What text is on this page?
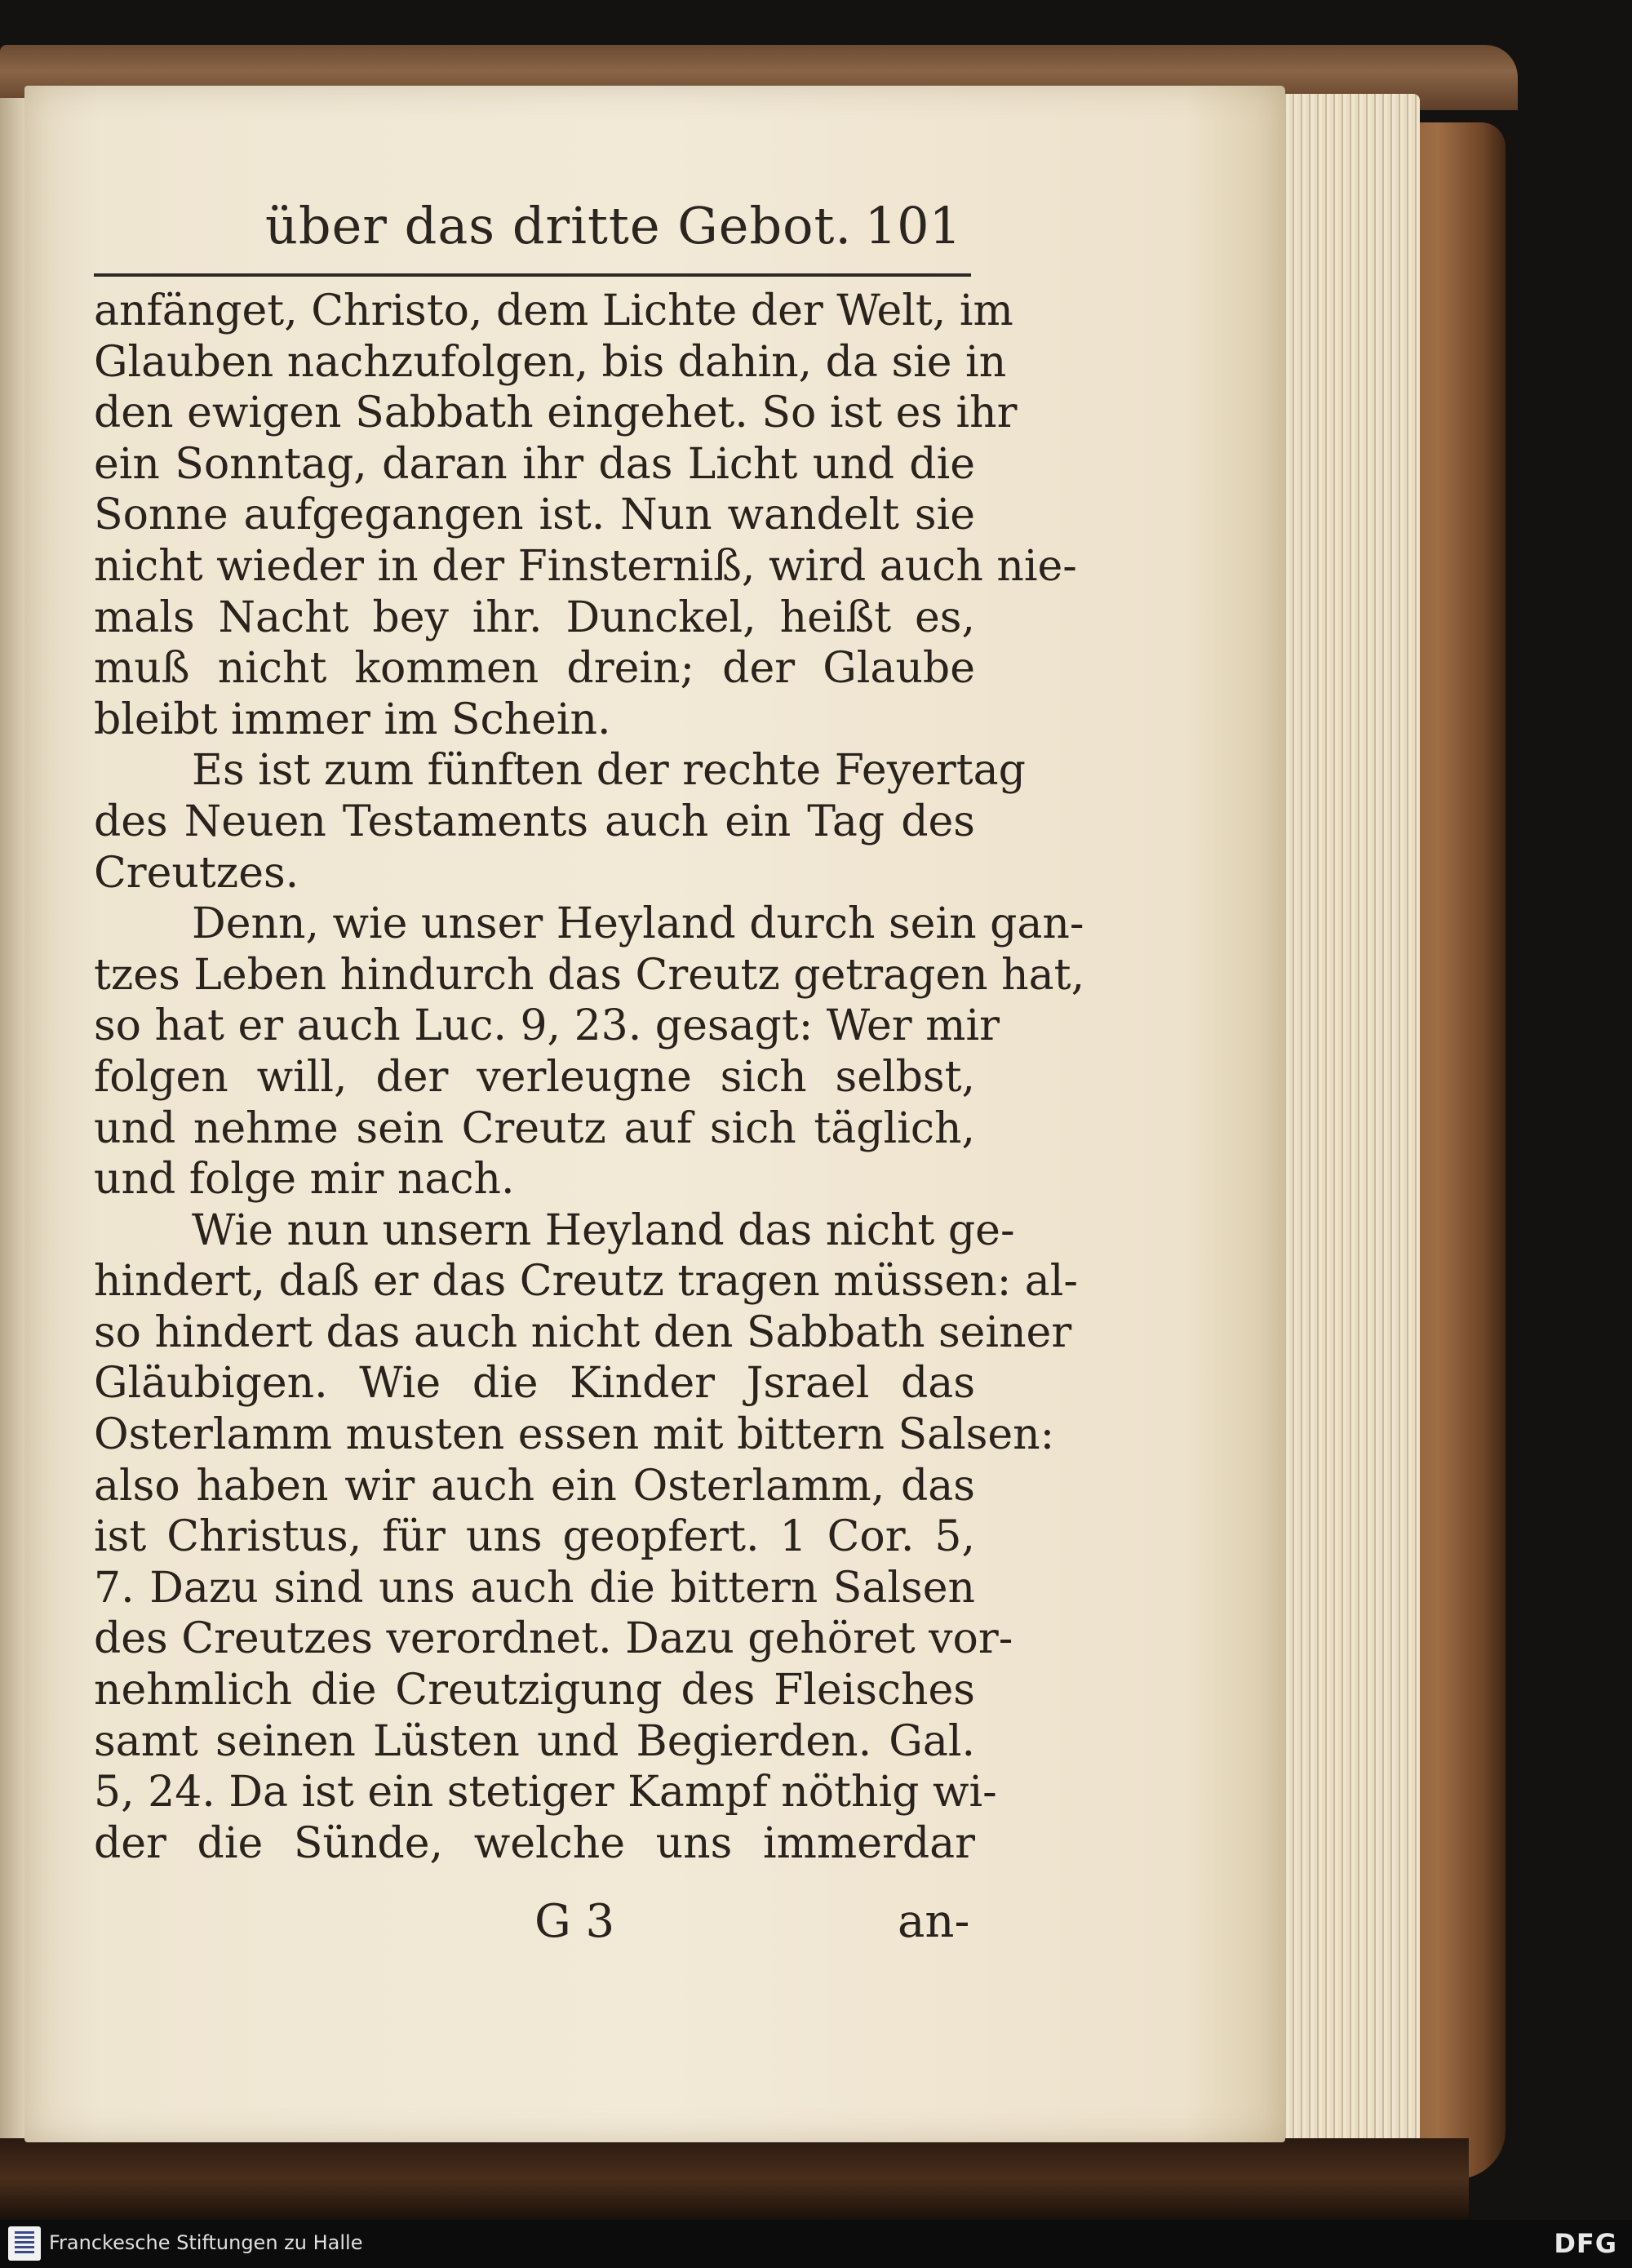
über das dritte Gebot. 101
anfänget, Christo, dem Lichte der Welt, im
Glauben nachzufolgen, bis dahin, da sie in
den ewigen Sabbath eingehet. So ist es ihr
ein Sonntag, daran ihr das Licht und die
Sonne aufgegangen ist. Nun wandelt sie
nicht wieder in der Finsterniß, wird auch nie-
mals Nacht bey ihr. Dunckel, heißt es,
muß nicht kommen drein; der Glaube
bleibt immer im Schein.
Es ist zum fünften der rechte Feyertag
des Neuen Testaments auch ein Tag des
Creutzes.
Denn, wie unser Heyland durch sein gan-
tzes Leben hindurch das Creutz getragen hat,
so hat er auch Luc. 9, 23. gesagt: Wer mir
folgen will, der verleugne sich selbst,
und nehme sein Creutz auf sich täglich,
und folge mir nach.
Wie nun unsern Heyland das nicht ge-
hindert, daß er das Creutz tragen müssen: al-
so hindert das auch nicht den Sabbath seiner
Gläubigen. Wie die Kinder Jsrael das
Osterlamm musten essen mit bittern Salsen:
also haben wir auch ein Osterlamm, das
ist Christus, für uns geopfert. 1 Cor. 5,
7. Dazu sind uns auch die bittern Salsen
des Creutzes verordnet. Dazu gehöret vor-
nehmlich die Creutzigung des Fleisches
samt seinen Lüsten und Begierden. Gal.
5, 24. Da ist ein stetiger Kampf nöthig wi-
der die Sünde, welche uns immerdar
G 3	an-
Franckesche Stiftungen zu Halle	DFG
